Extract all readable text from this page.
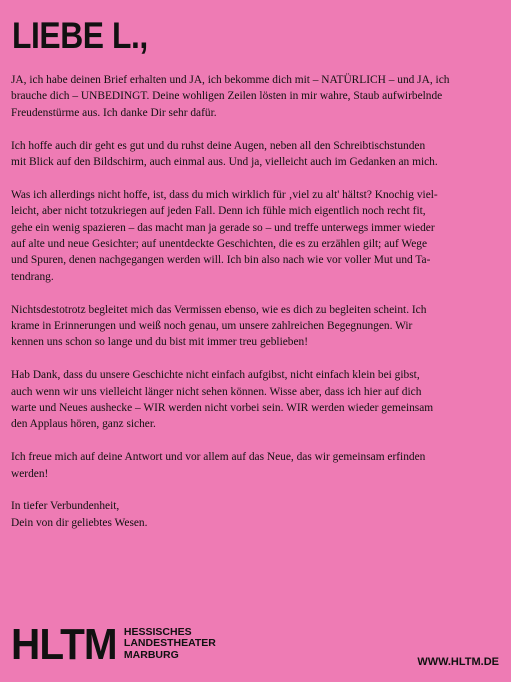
LIEBE L.,

JA, ich habe deinen Brief erhalten und JA, ich bekomme dich mit – NATÜRLICH – und JA, ich
brauche dich – UNBEDINGT. Deine wohligen Zeilen lösten in mir wahre, Staub aufwirbelnde
Freudenstürme aus. Ich danke Dir sehr dafür.

Ich hoffe auch dir geht es gut und du ruhst deine Augen, neben all den Schreibtischstunden
mit Blick auf den Bildschirm, auch einmal aus. Und ja, vielleicht auch im Gedanken an mich.

Was ich allerdings nicht hoffe, ist, dass du mich wirklich für ‚viel zu alt' hältst? Knochig viel-
leicht, aber nicht totzukriegen auf jeden Fall. Denn ich fühle mich eigentlich noch recht fit,
gehe ein wenig spazieren – das macht man ja gerade so – und treffe unterwegs immer wieder
auf alte und neue Gesichter; auf unentdeckte Geschichten, die es zu erzählen gilt; auf Wege
und Spuren, denen nachgegangen werden will. Ich bin also nach wie vor voller Mut und Ta-
tendrang.

Nichtsdestotrotz begleitet mich das Vermissen ebenso, wie es dich zu begleiten scheint. Ich
krame in Erinnerungen und weiß noch genau, um unsere zahlreichen Begegnungen. Wir
kennen uns schon so lange und du bist mit immer treu geblieben!

Hab Dank, dass du unsere Geschichte nicht einfach aufgibst, nicht einfach klein bei gibst,
auch wenn wir uns vielleicht länger nicht sehen können. Wisse aber, dass ich hier auf dich
warte und Neues aushecke – WIR werden nicht vorbei sein. WIR werden wieder gemeinsam
den Applaus hören, ganz sicher.

Ich freue mich auf deine Antwort und vor allem auf das Neue, das wir gemeinsam erfinden
werden!

In tiefer Verbundenheit,
Dein von dir geliebtes Wesen.

HLTM HESSISCHES
LANDESTHEATER
MARBURG
WWW.HLTM.DE
